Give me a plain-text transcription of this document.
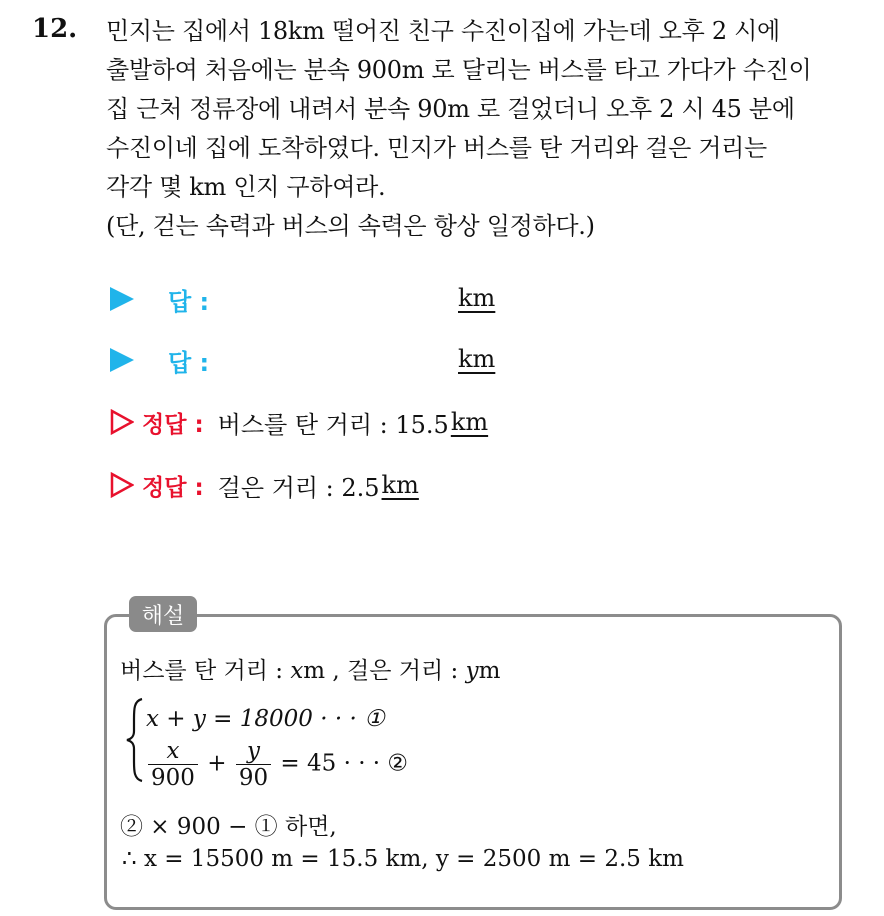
12. 민지는 집에서 18km 떨어진 친구 수진이집에 가는데 오후 2 시에
출발하여 처음에는 분속 900m 로 달리는 버스를 타고 가다가 수진이
집 근처 정류장에 내려서 분속 90m 로 걸었더니 오후 2 시 45 분에
수진이네 집에 도착하였다. 민지가 버스를 탄 거리와 걸은 거리는
각각 몇 km 인지 구하여라.
(단, 걷는 속력과 버스의 속력은 항상 일정하다.)
답 :	km
답 :	km
정답 : 버스를 탄 거리 : 15.5 km
정답 : 걸은 거리 : 2.5 km
해설
버스를 탄 거리 : xm , 걸은 거리 : ym
x + y = 18000 · · · ①
$\frac{x}{900} + \frac{y}{90} = 45$ · · · ②
② × 900 − ① 하면,
∴ x = 15500 m = 15.5 km, y = 2500 m = 2.5 km
